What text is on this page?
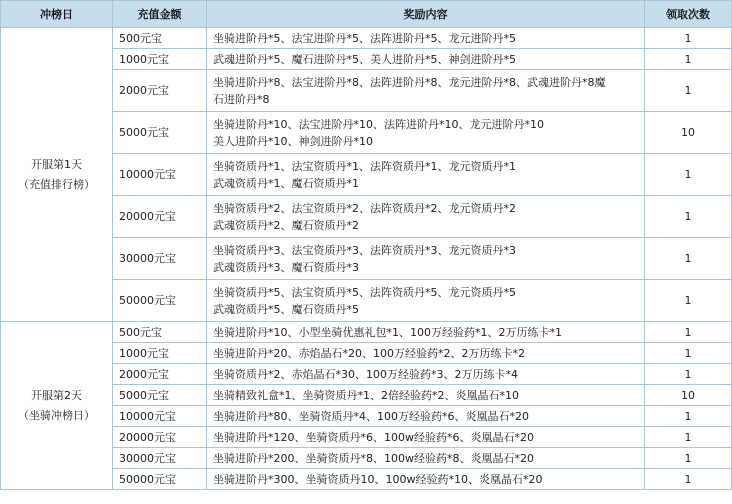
冲榜日	充值金额	奖励内容	领取次数

开服第1天
（充值排行榜）	500元宝	坐骑进阶丹*5、法宝进阶丹*5、法阵进阶丹*5、龙元进阶丹*5	1
	1000元宝	武魂进阶丹*5、魔石进阶丹*5、美人进阶丹*5、神剑进阶丹*5	1
	2000元宝	坐骑进阶丹*8、法宝进阶丹*8、法阵进阶丹*8、龙元进阶丹*8、武魂进阶丹*8魔
石进阶丹*8	1
	5000元宝	坐骑进阶丹*10、法宝进阶丹*10、法阵进阶丹*10、龙元进阶丹*10
美人进阶丹*10、神剑进阶丹*10	10
	10000元宝	坐骑资质丹*1、法宝资质丹*1、法阵资质丹*1、龙元资质丹*1
武魂资质丹*1、魔石资质丹*1	1
	20000元宝	坐骑资质丹*2、法宝资质丹*2、法阵资质丹*2、龙元资质丹*2
武魂资质丹*2、魔石资质丹*2	1
	30000元宝	坐骑资质丹*3、法宝资质丹*3、法阵资质丹*3、龙元资质丹*3
武魂资质丹*3、魔石资质丹*3	1
	50000元宝	坐骑资质丹*5、法宝资质丹*5、法阵资质丹*5、龙元资质丹*5
武魂资质丹*5、魔石资质丹*5	1

开服第2天
（坐骑冲榜日）	500元宝	坐骑进阶丹*10、小型坐骑优惠礼包*1、100万经验药*1、2万历练卡*1	1
	1000元宝	坐骑进阶丹*20、赤焰晶石*20、100万经验药*2、2万历练卡*2	1
	2000元宝	坐骑资质丹*2、赤焰晶石*30、100万经验药*3、2万历练卡*4	1
	5000元宝	坐骑精致礼盒*1、坐骑资质丹*1、2倍经验药*2、炎凰晶石*10	10
	10000元宝	坐骑进阶丹*80、坐骑资质丹*4、100万经验药*6、炎凰晶石*20	1
	20000元宝	坐骑进阶丹*120、坐骑资质丹*6、100w经验药*6、炎凰晶石*20	1
	30000元宝	坐骑进阶丹*200、坐骑资质丹*8、100w经验药*8、炎凰晶石*20	1
	50000元宝	坐骑进阶丹*300、坐骑资质丹10、100w经验药*10、炎凰晶石*20	1
